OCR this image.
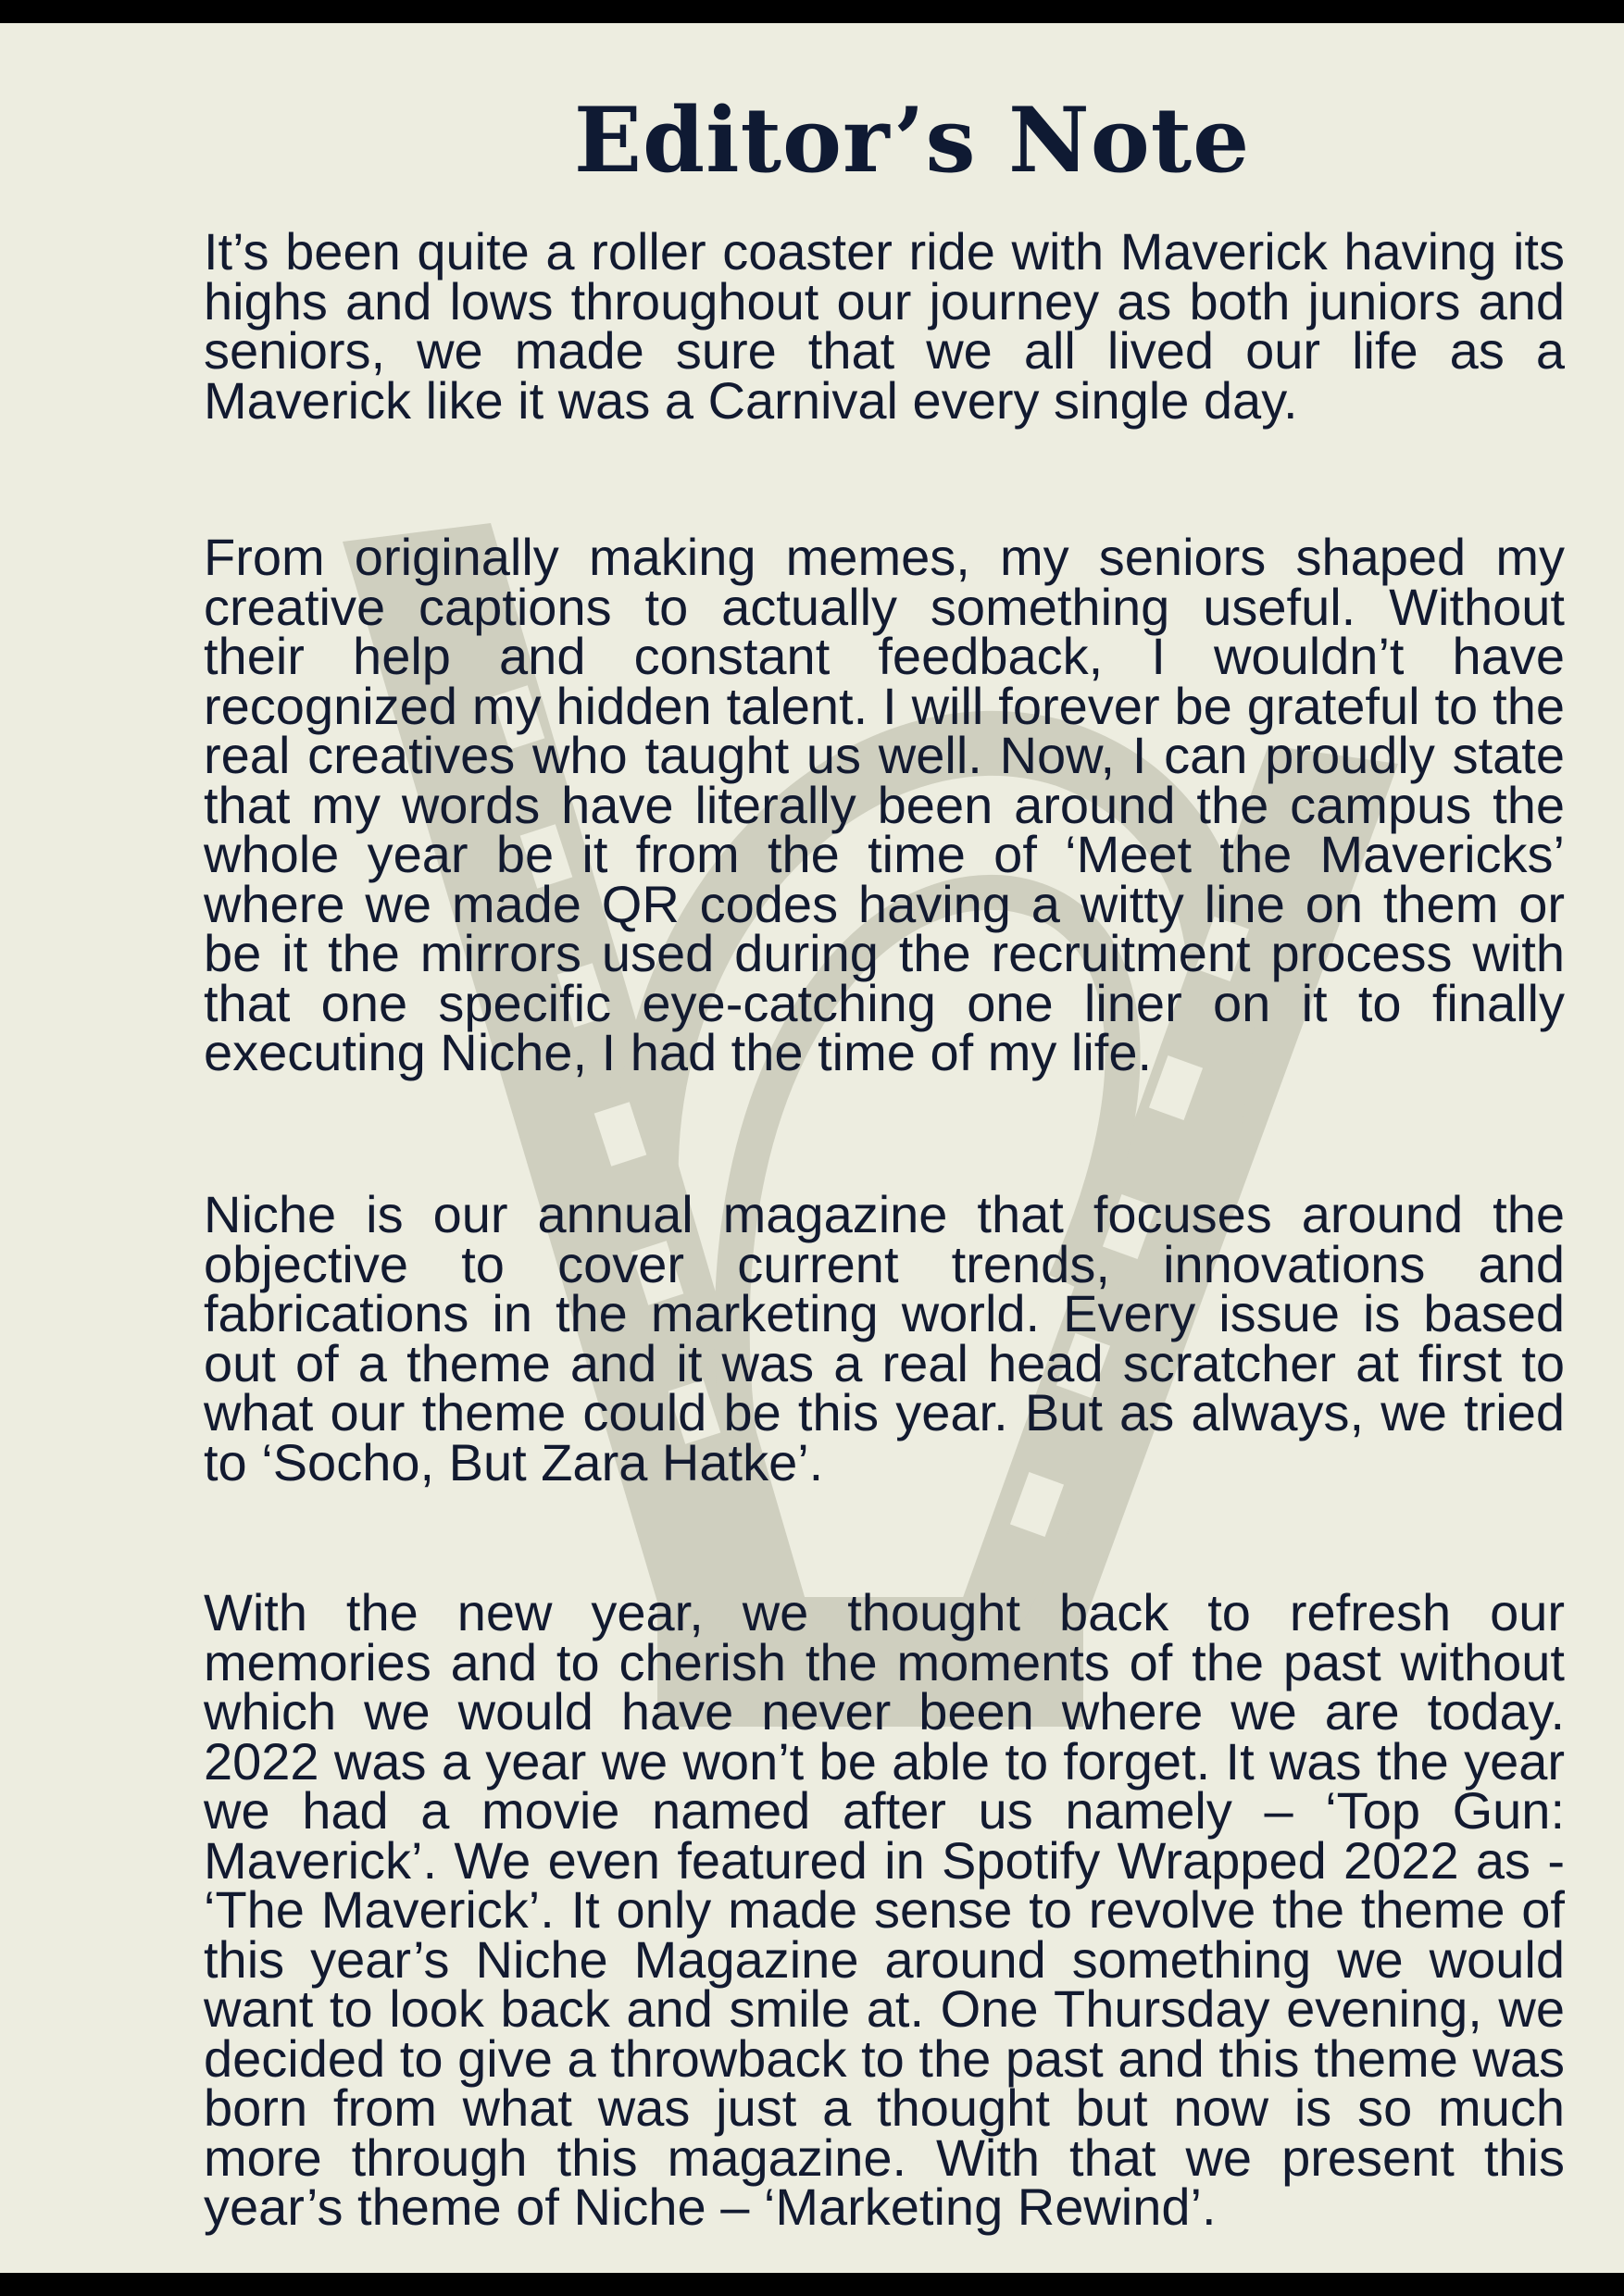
Editor’s Note

It’s been quite a roller coaster ride with Maverick having its highs and lows throughout our journey as both juniors and seniors, we made sure that we all lived our life as a Maverick like it was a Carnival every single day.

From originally making memes, my seniors shaped my creative captions to actually something useful. Without their help and constant feedback, I wouldn’t have recognized my hidden talent. I will forever be grateful to the real creatives who taught us well. Now, I can proudly state that my words have literally been around the campus the whole year be it from the time of ‘Meet the Mavericks’ where we made QR codes having a witty line on them or be it the mirrors used during the recruitment process with that one specific eye-catching one liner on it to finally executing Niche, I had the time of my life.

Niche is our annual magazine that focuses around the objective to cover current trends, innovations and fabrications in the marketing world. Every issue is based out of a theme and it was a real head scratcher at first to what our theme could be this year. But as always, we tried to ‘Socho, But Zara Hatke’.

With the new year, we thought back to refresh our memories and to cherish the moments of the past without which we would have never been where we are today. 2022 was a year we won’t be able to forget. It was the year we had a movie named after us namely – ‘Top Gun: Maverick’. We even featured in Spotify Wrapped 2022 as - ‘The Maverick’. It only made sense to revolve the theme of this year’s Niche Magazine around something we would want to look back and smile at. One Thursday evening, we decided to give a throwback to the past and this theme was born from what was just a thought but now is so much more through this magazine. With that we present this year’s theme of Niche – ‘Marketing Rewind’.
